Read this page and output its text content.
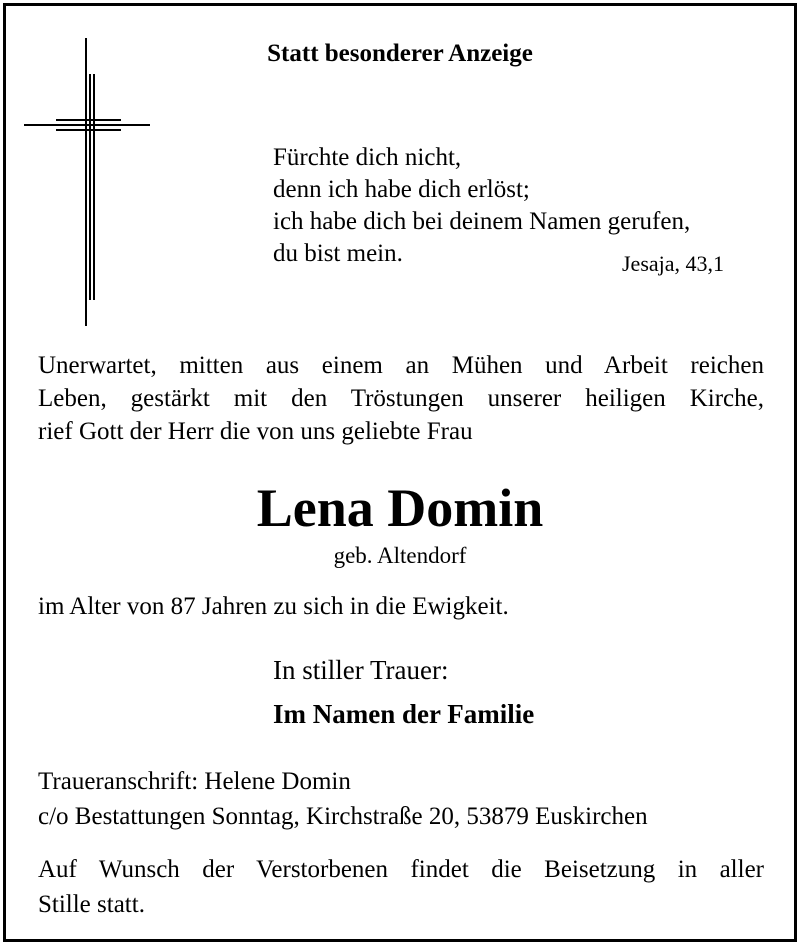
Statt besonderer Anzeige

Fürchte dich nicht,
denn ich habe dich erlöst;
ich habe dich bei deinem Namen gerufen,
du bist mein.	Jesaja, 43,1
Unerwartet, mitten aus einem an Mühen und Arbeit reichen
Leben, gestärkt mit den Tröstungen unserer heiligen Kirche,
rief Gott der Herr die von uns geliebte Frau

Lena Domin

geb. Altendorf

im Alter von 87 Jahren zu sich in die Ewigkeit.

In stiller Trauer:

Im Namen der Familie

Traueranschrift: Helene Domin
c/o Bestattungen Sonntag, Kirchstraße 20, 53879 Euskirchen
Auf Wunsch der Verstorbenen findet die Beisetzung in aller
Stille statt.
